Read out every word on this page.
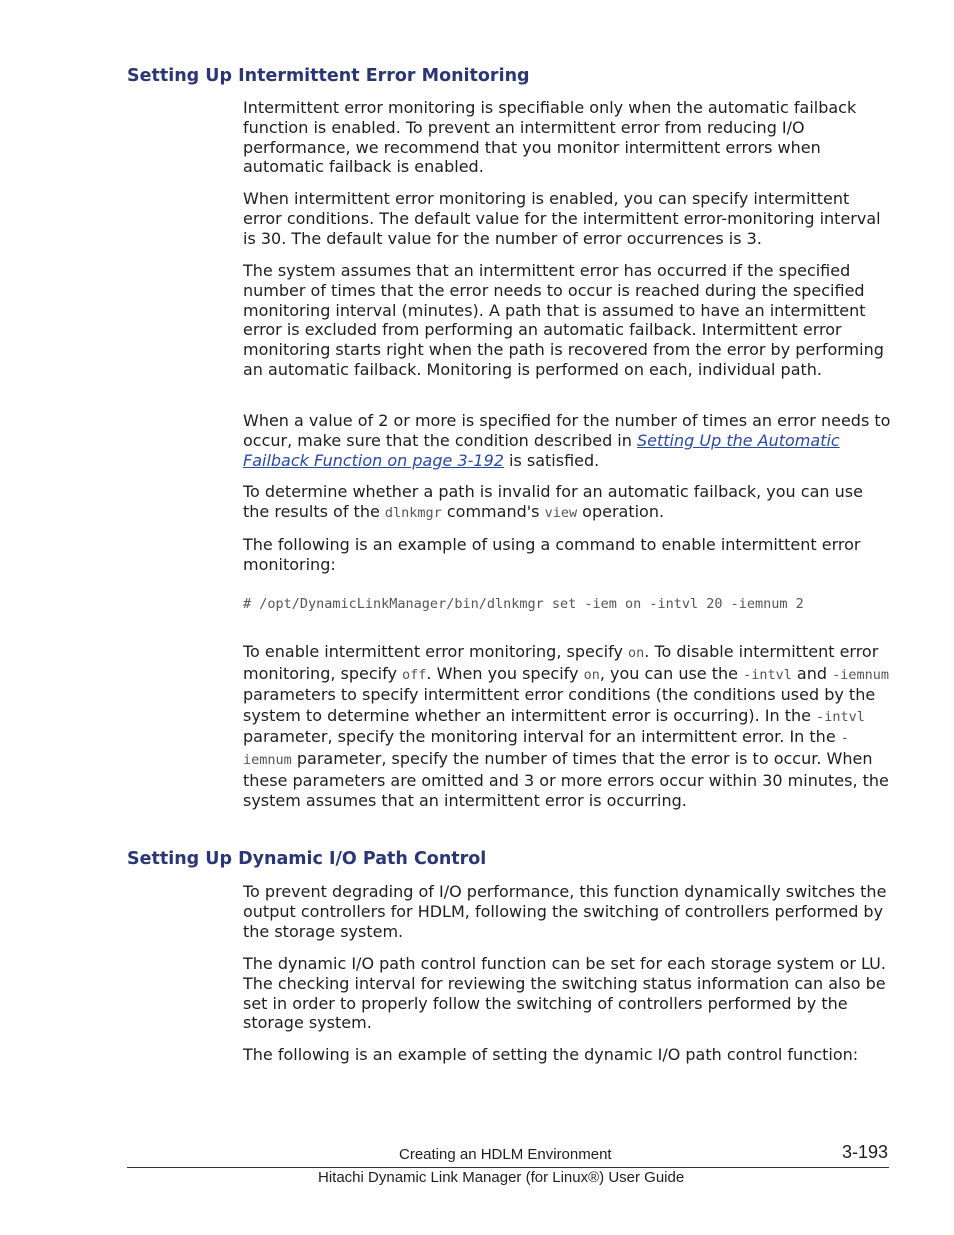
Setting Up Intermittent Error Monitoring

Intermittent error monitoring is specifiable only when the automatic failback function is enabled. To prevent an intermittent error from reducing I/O performance, we recommend that you monitor intermittent errors when automatic failback is enabled.

When intermittent error monitoring is enabled, you can specify intermittent error conditions. The default value for the intermittent error-monitoring interval is 30. The default value for the number of error occurrences is 3.

The system assumes that an intermittent error has occurred if the specified number of times that the error needs to occur is reached during the specified monitoring interval (minutes). A path that is assumed to have an intermittent error is excluded from performing an automatic failback. Intermittent error monitoring starts right when the path is recovered from the error by performing an automatic failback. Monitoring is performed on each, individual path.

When a value of 2 or more is specified for the number of times an error needs to occur, make sure that the condition described in Setting Up the Automatic Failback Function on page 3-192 is satisfied.

To determine whether a path is invalid for an automatic failback, you can use the results of the dlnkmgr command's view operation.

The following is an example of using a command to enable intermittent error monitoring:

# /opt/DynamicLinkManager/bin/dlnkmgr set -iem on -intvl 20 -iemnum 2

To enable intermittent error monitoring, specify on. To disable intermittent error monitoring, specify off. When you specify on, you can use the -intvl and -iemnum parameters to specify intermittent error conditions (the conditions used by the system to determine whether an intermittent error is occurring). In the -intvl parameter, specify the monitoring interval for an intermittent error. In the -iemnum parameter, specify the number of times that the error is to occur. When these parameters are omitted and 3 or more errors occur within 30 minutes, the system assumes that an intermittent error is occurring.

Setting Up Dynamic I/O Path Control

To prevent degrading of I/O performance, this function dynamically switches the output controllers for HDLM, following the switching of controllers performed by the storage system.

The dynamic I/O path control function can be set for each storage system or LU. The checking interval for reviewing the switching status information can also be set in order to properly follow the switching of controllers performed by the storage system.

The following is an example of setting the dynamic I/O path control function:

Creating an HDLM Environment	3-193
Hitachi Dynamic Link Manager (for Linux®) User Guide
